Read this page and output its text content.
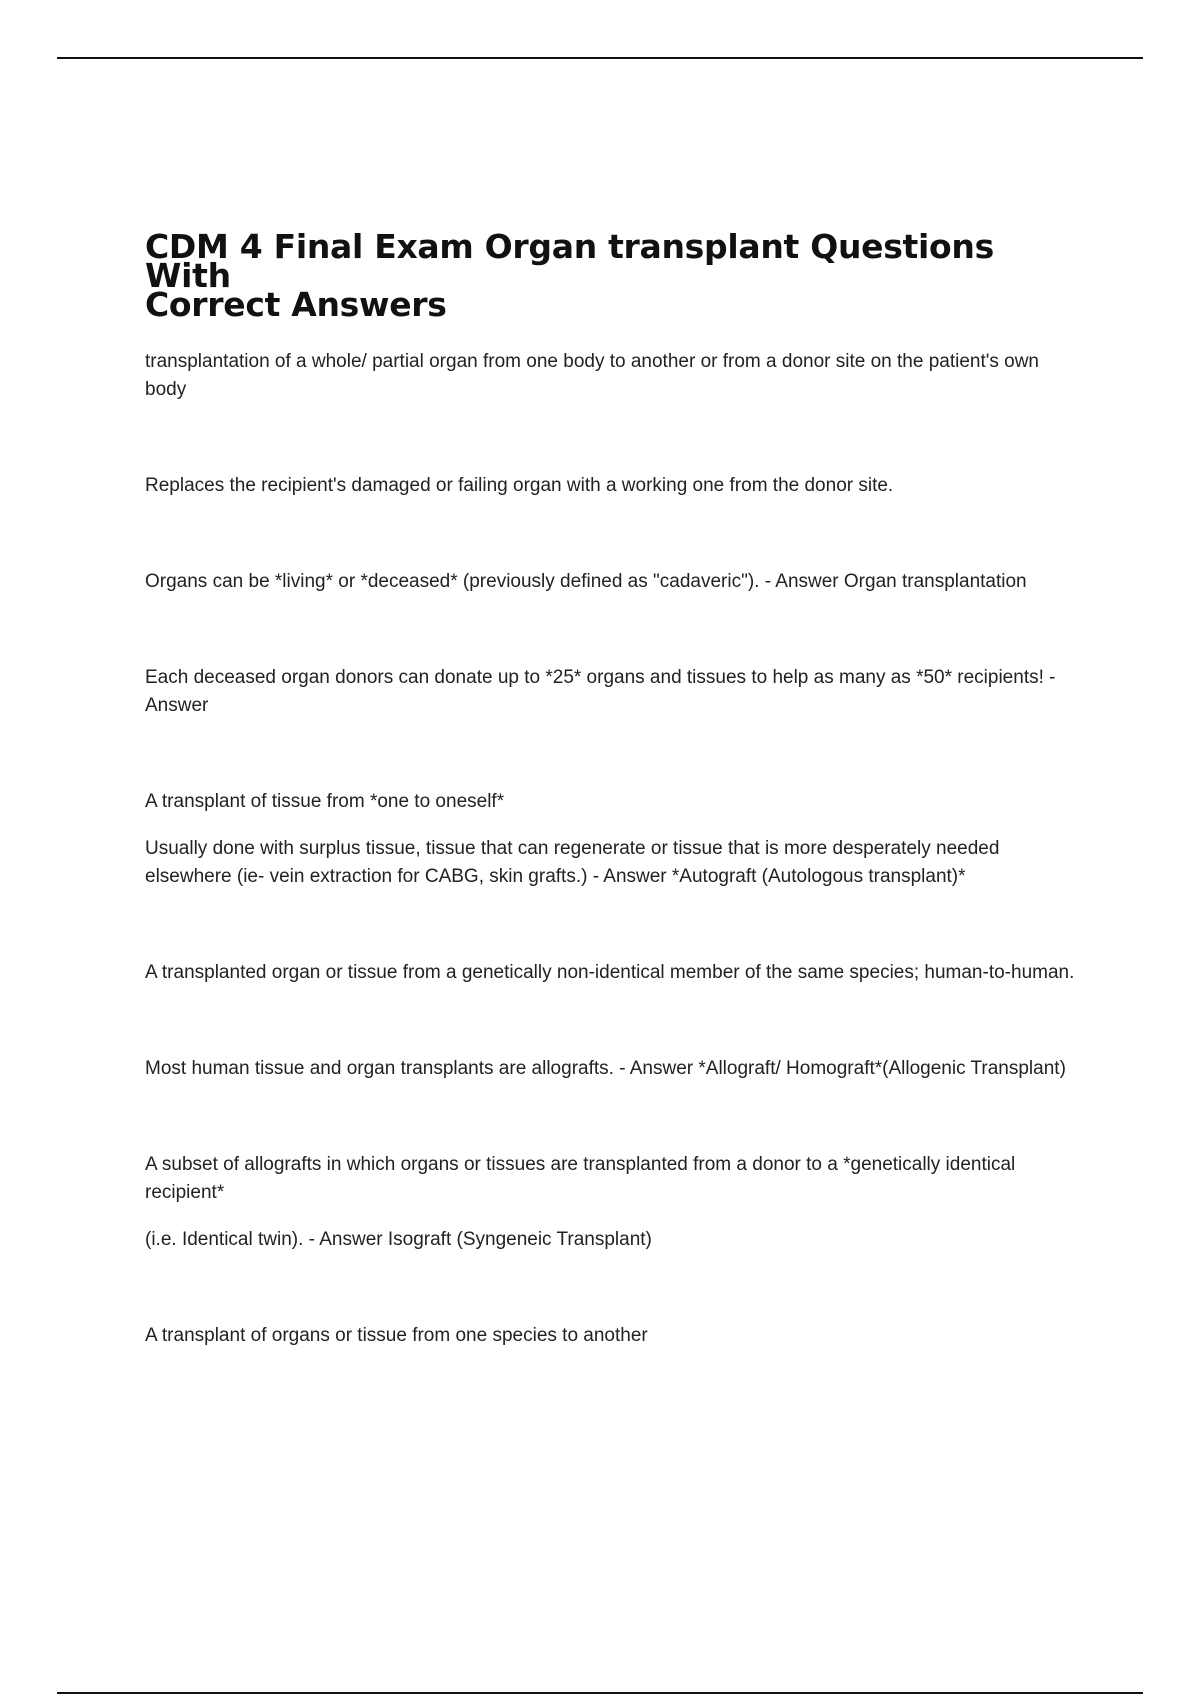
CDM 4 Final Exam Organ transplant Questions With
Correct Answers

transplantation of a whole/ partial organ from one body to another or from a donor site on the patient's own body

Replaces the recipient's damaged or failing organ with a working one from the donor site.

Organs can be *living* or *deceased* (previously defined as "cadaveric"). - Answer Organ transplantation

Each deceased organ donors can donate up to *25* organs and tissues to help as many as *50* recipients! - Answer

A transplant of tissue from *one to oneself*

Usually done with surplus tissue, tissue that can regenerate or tissue that is more desperately needed elsewhere (ie- vein extraction for CABG, skin grafts.) - Answer *Autograft (Autologous transplant)*

A transplanted organ or tissue from a genetically non-identical member of the same species; human-to-human.

Most human tissue and organ transplants are allografts. - Answer *Allograft/ Homograft*(Allogenic Transplant)

A subset of allografts in which organs or tissues are transplanted from a donor to a *genetically identical recipient*

(i.e. Identical twin). - Answer Isograft (Syngeneic Transplant)

A transplant of organs or tissue from one species to another
